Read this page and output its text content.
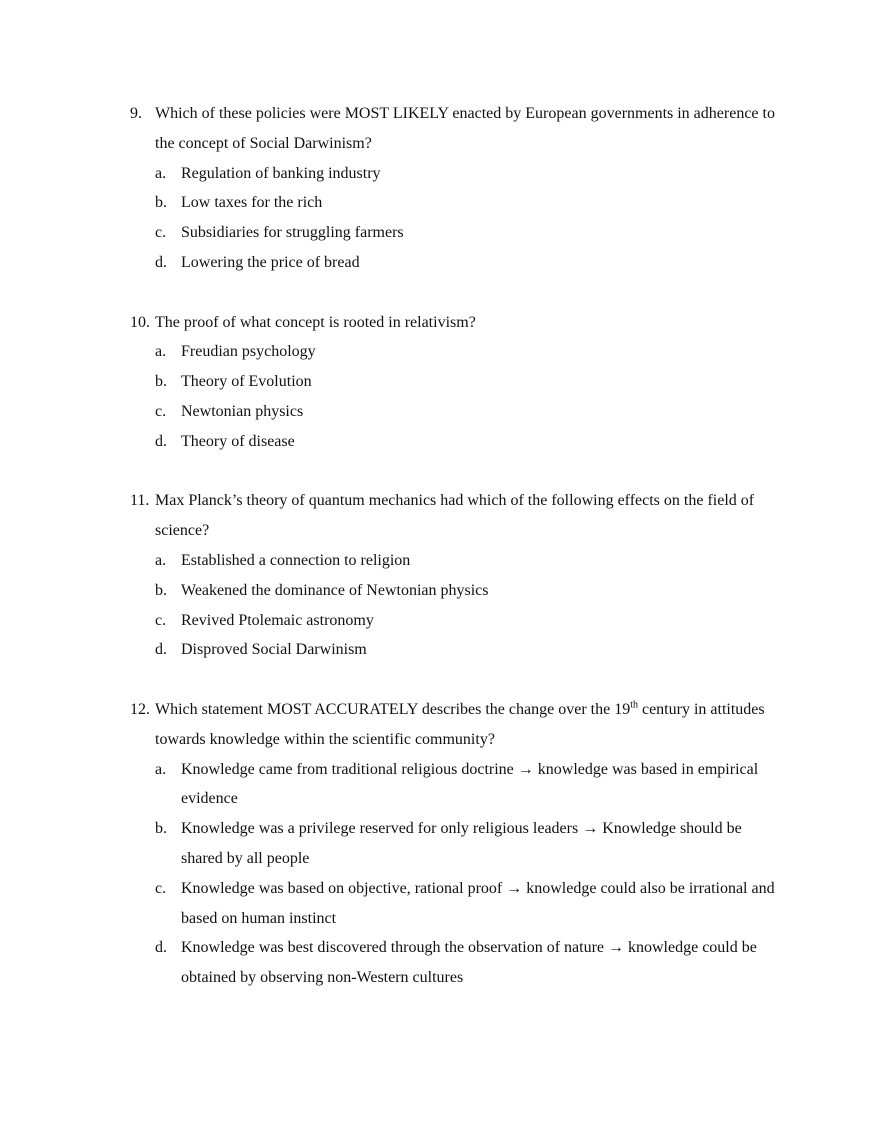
9. Which of these policies were MOST LIKELY enacted by European governments in adherence to the concept of Social Darwinism?
a. Regulation of banking industry
b. Low taxes for the rich
c. Subsidiaries for struggling farmers
d. Lowering the price of bread
10. The proof of what concept is rooted in relativism?
a. Freudian psychology
b. Theory of Evolution
c. Newtonian physics
d. Theory of disease
11. Max Planck’s theory of quantum mechanics had which of the following effects on the field of science?
a. Established a connection to religion
b. Weakened the dominance of Newtonian physics
c. Revived Ptolemaic astronomy
d. Disproved Social Darwinism
12. Which statement MOST ACCURATELY describes the change over the 19th century in attitudes towards knowledge within the scientific community?
a. Knowledge came from traditional religious doctrine → knowledge was based in empirical evidence
b. Knowledge was a privilege reserved for only religious leaders → Knowledge should be shared by all people
c. Knowledge was based on objective, rational proof → knowledge could also be irrational and based on human instinct
d. Knowledge was best discovered through the observation of nature → knowledge could be obtained by observing non-Western cultures
